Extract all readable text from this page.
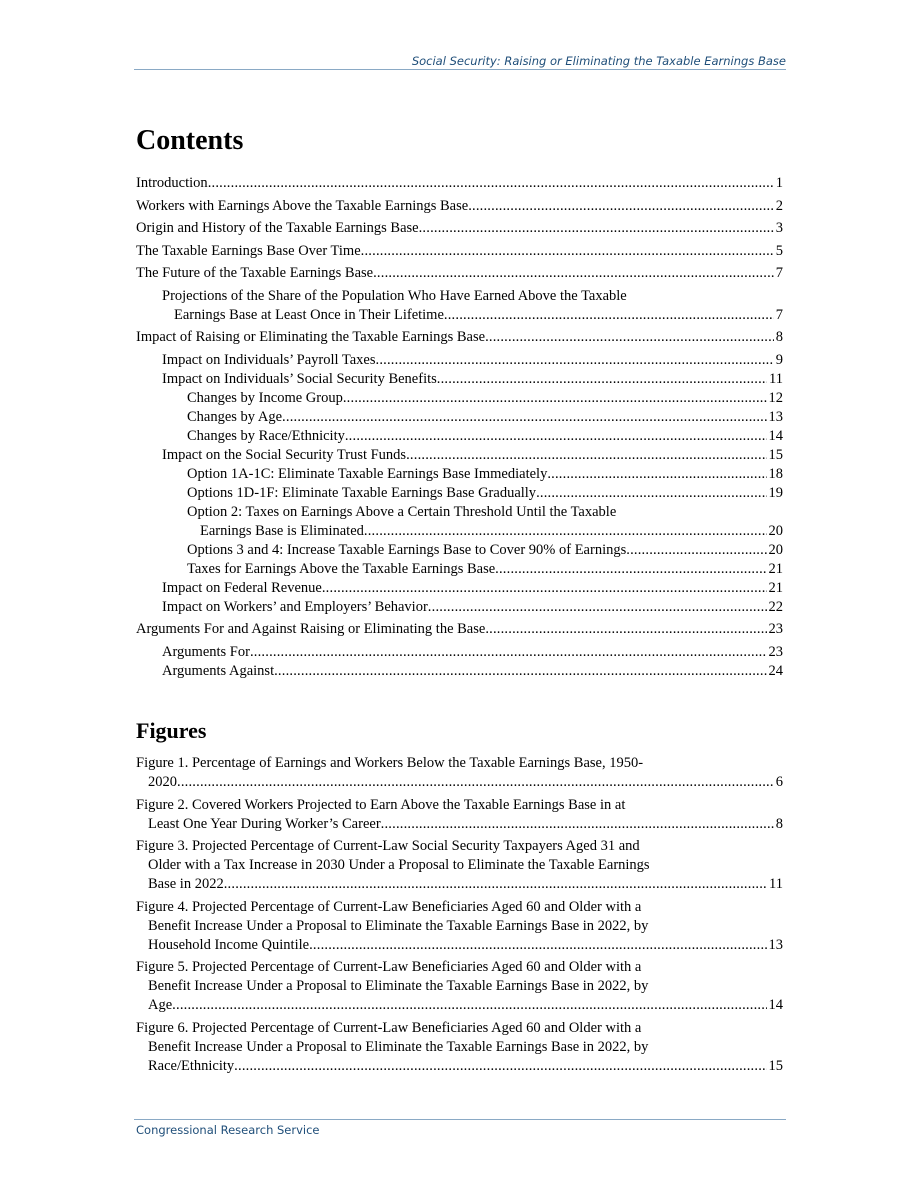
Social Security: Raising or Eliminating the Taxable Earnings Base
Contents
Introduction .....	1
Workers with Earnings Above the Taxable Earnings Base .....	2
Origin and History of the Taxable Earnings Base .....	3
The Taxable Earnings Base Over Time .....	5
The Future of the Taxable Earnings Base .....	7
Projections of the Share of the Population Who Have Earned Above the Taxable
Earnings Base at Least Once in Their Lifetime .....	7
Impact of Raising or Eliminating the Taxable Earnings Base .....	8
Impact on Individuals’ Payroll Taxes .....	9
Impact on Individuals’ Social Security Benefits .....	11
Changes by Income Group .....	12
Changes by Age .....	13
Changes by Race/Ethnicity .....	14
Impact on the Social Security Trust Funds .....	15
Option 1A-1C: Eliminate Taxable Earnings Base Immediately .....	18
Options 1D-1F: Eliminate Taxable Earnings Base Gradually .....	19
Option 2: Taxes on Earnings Above a Certain Threshold Until the Taxable
Earnings Base is Eliminated .....	20
Options 3 and 4: Increase Taxable Earnings Base to Cover 90% of Earnings .....	20
Taxes for Earnings Above the Taxable Earnings Base .....	21
Impact on Federal Revenue .....	21
Impact on Workers’ and Employers’ Behavior .....	22
Arguments For and Against Raising or Eliminating the Base .....	23
Arguments For .....	23
Arguments Against .....	24
Figures
Figure 1. Percentage of Earnings and Workers Below the Taxable Earnings Base, 1950-
2020 .....	6
Figure 2. Covered Workers Projected to Earn Above the Taxable Earnings Base in at
Least One Year During Worker’s Career .....	8
Figure 3. Projected Percentage of Current-Law Social Security Taxpayers Aged 31 and
Older with a Tax Increase in 2030 Under a Proposal to Eliminate the Taxable Earnings
Base in 2022 .....	11
Figure 4. Projected Percentage of Current-Law Beneficiaries Aged 60 and Older with a
Benefit Increase Under a Proposal to Eliminate the Taxable Earnings Base in 2022, by
Household Income Quintile .....	13
Figure 5. Projected Percentage of Current-Law Beneficiaries Aged 60 and Older with a
Benefit Increase Under a Proposal to Eliminate the Taxable Earnings Base in 2022, by
Age .....	14
Figure 6. Projected Percentage of Current-Law Beneficiaries Aged 60 and Older with a
Benefit Increase Under a Proposal to Eliminate the Taxable Earnings Base in 2022, by
Race/Ethnicity .....	15
Congressional Research Service
